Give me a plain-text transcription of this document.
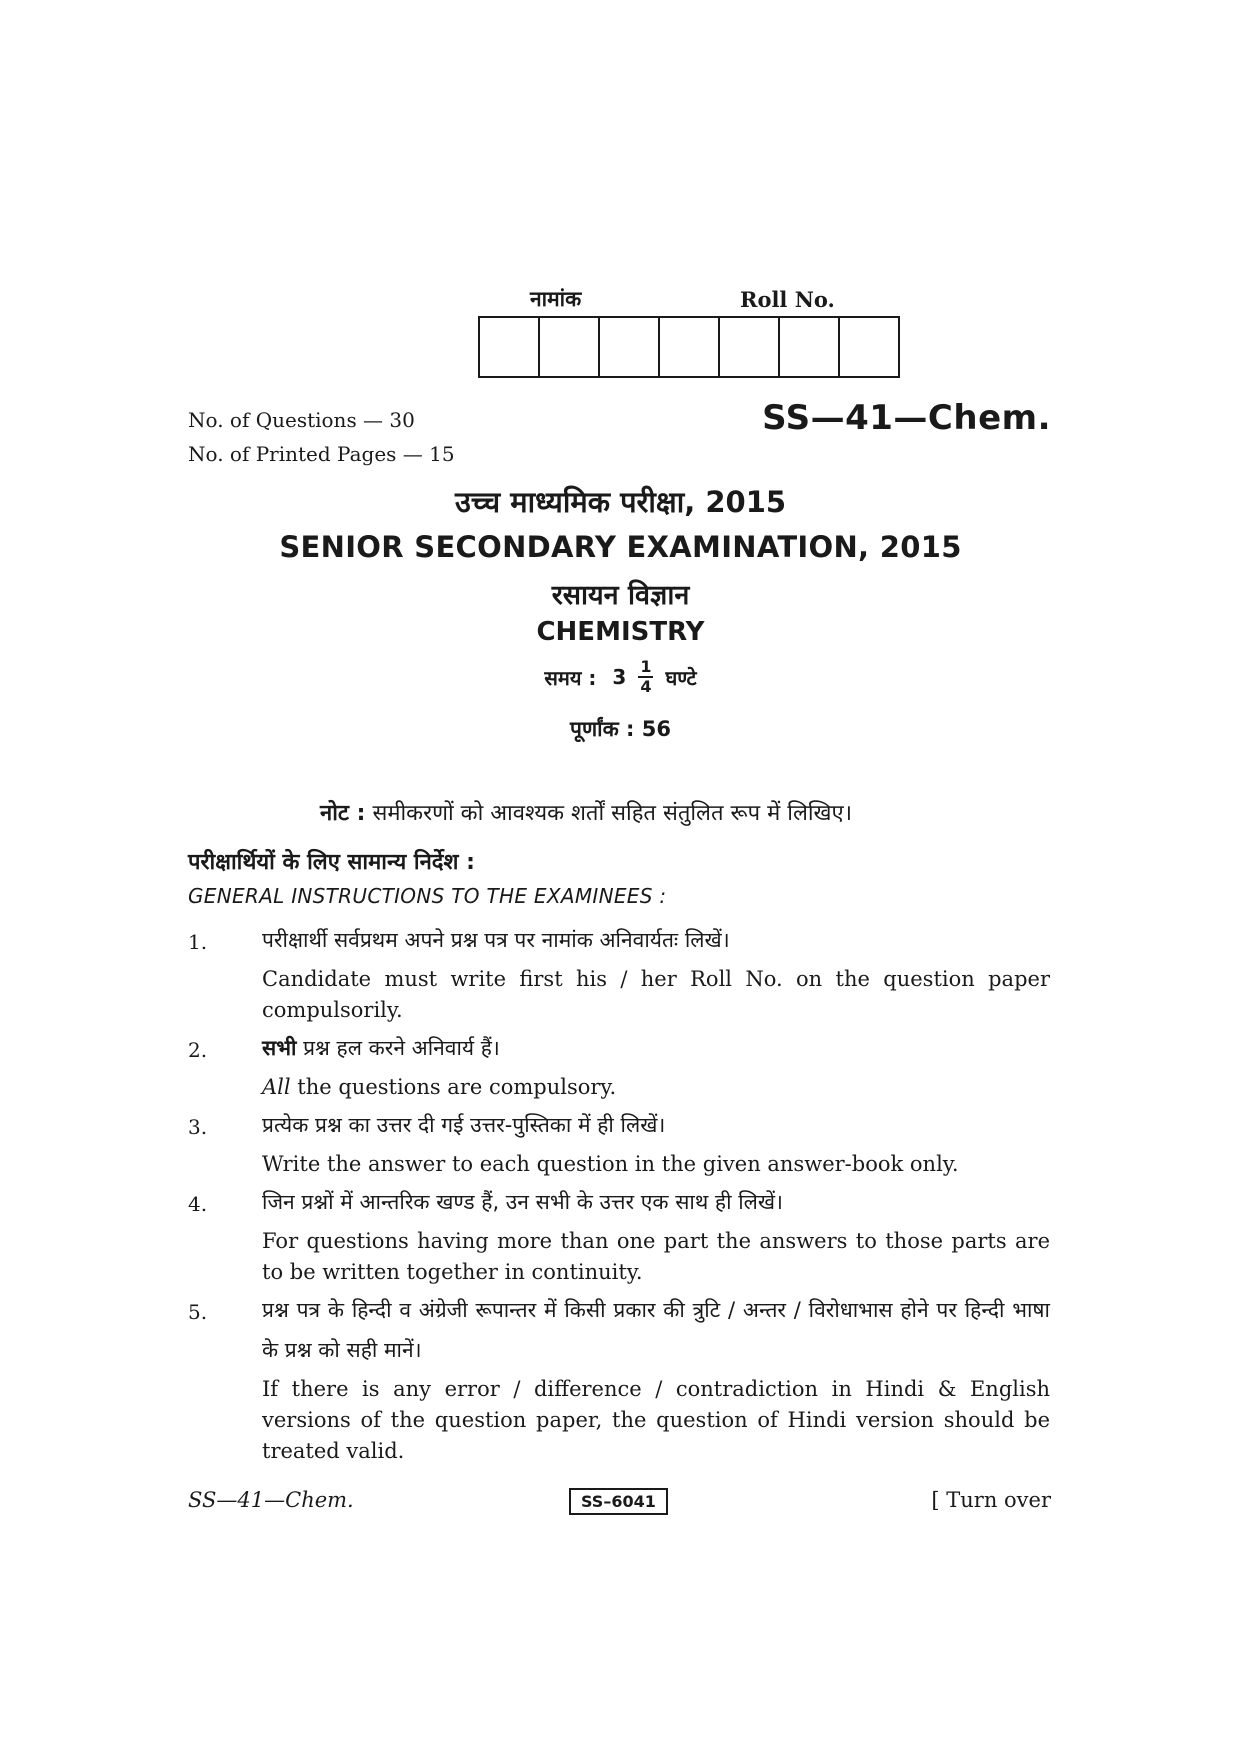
नामांक	Roll No.
No. of Questions — 30
No. of Printed Pages — 15
SS—41—Chem.
उच्च माध्यमिक परीक्षा, 2015
SENIOR SECONDARY EXAMINATION, 2015
रसायन विज्ञान
CHEMISTRY
समय : $3 \frac{1}{4}$ घण्टे
पूर्णांक : 56
नोट : समीकरणों को आवश्यक शर्तों सहित संतुलित रूप में लिखिए।
परीक्षार्थियों के लिए सामान्य निर्देश :
GENERAL INSTRUCTIONS TO THE EXAMINEES :
1.	परीक्षार्थी सर्वप्रथम अपने प्रश्न पत्र पर नामांक अनिवार्यतः लिखें।
Candidate must write first his / her Roll No. on the question paper compulsorily.
2.	सभी प्रश्न हल करने अनिवार्य हैं।
All the questions are compulsory.
3.	प्रत्येक प्रश्न का उत्तर दी गई उत्तर-पुस्तिका में ही लिखें।
Write the answer to each question in the given answer-book only.
4.	जिन प्रश्नों में आन्तरिक खण्ड हैं, उन सभी के उत्तर एक साथ ही लिखें।
For questions having more than one part the answers to those parts are to be written together in continuity.
5.	प्रश्न पत्र के हिन्दी व अंग्रेजी रूपान्तर में किसी प्रकार की त्रुटि / अन्तर / विरोधाभास होने पर हिन्दी भाषा के प्रश्न को सही मानें।
If there is any error / difference / contradiction in Hindi & English versions of the question paper, the question of Hindi version should be treated valid.
SS—41—Chem.	SS–6041	[ Turn over
